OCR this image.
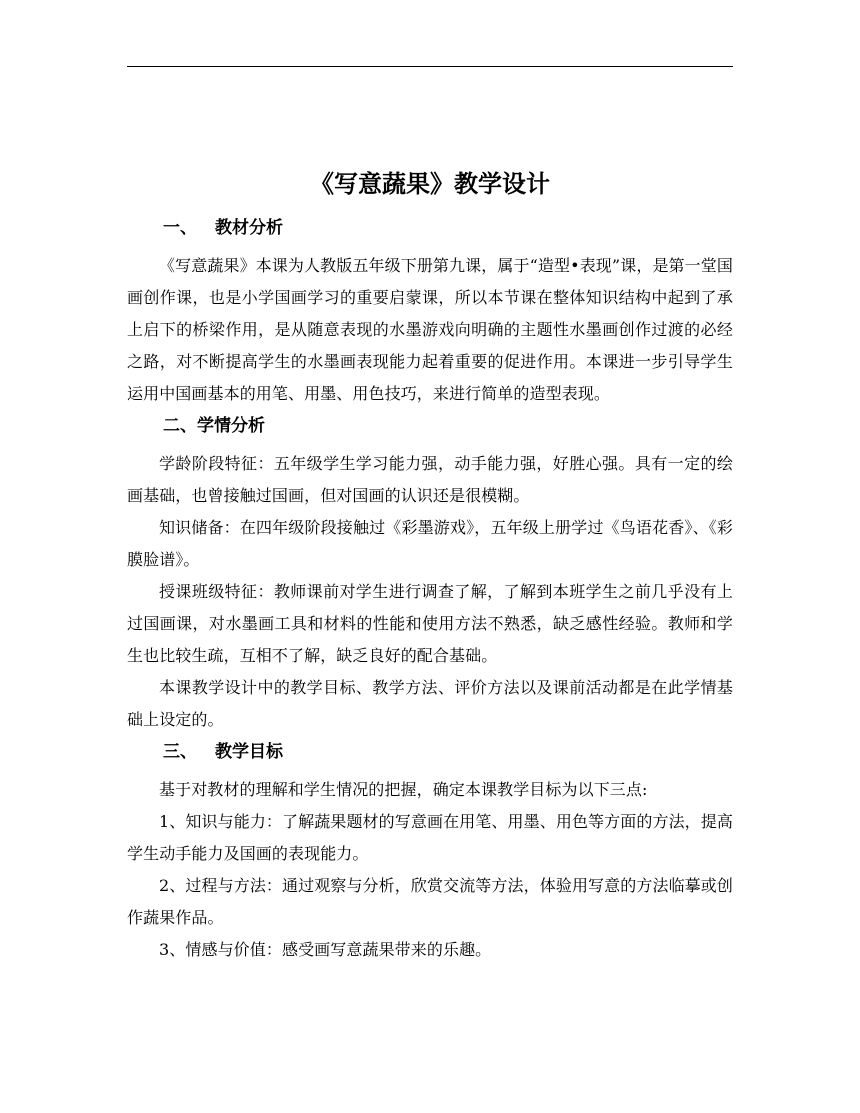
《写意蔬果》教学设计
一、 教材分析

《写意蔬果》本课为人教版五年级下册第九课，属于“造型•表现”课，是第一堂国画创作课，也是小学国画学习的重要启蒙课，所以本节课在整体知识结构中起到了承上启下的桥梁作用，是从随意表现的水墨游戏向明确的主题性水墨画创作过渡的必经之路，对不断提高学生的水墨画表现能力起着重要的促进作用。本课进一步引导学生运用中国画基本的用笔、用墨、用色技巧，来进行简单的造型表现。

二、学情分析

学龄阶段特征：五年级学生学习能力强，动手能力强，好胜心强。具有一定的绘画基础，也曾接触过国画，但对国画的认识还是很模糊。

知识储备：在四年级阶段接触过《彩墨游戏》，五年级上册学过《鸟语花香》、《彩膜脸谱》。

授课班级特征：教师课前对学生进行调查了解，了解到本班学生之前几乎没有上过国画课，对水墨画工具和材料的性能和使用方法不熟悉，缺乏感性经验。教师和学生也比较生疏，互相不了解，缺乏良好的配合基础。

本课教学设计中的教学目标、教学方法、评价方法以及课前活动都是在此学情基础上设定的。

三、 教学目标

基于对教材的理解和学生情况的把握，确定本课教学目标为以下三点:

1、知识与能力：了解蔬果题材的写意画在用笔、用墨、用色等方面的方法，提高学生动手能力及国画的表现能力。

2、过程与方法：通过观察与分析，欣赏交流等方法，体验用写意的方法临摹或创作蔬果作品。

3、情感与价值：感受画写意蔬果带来的乐趣。
